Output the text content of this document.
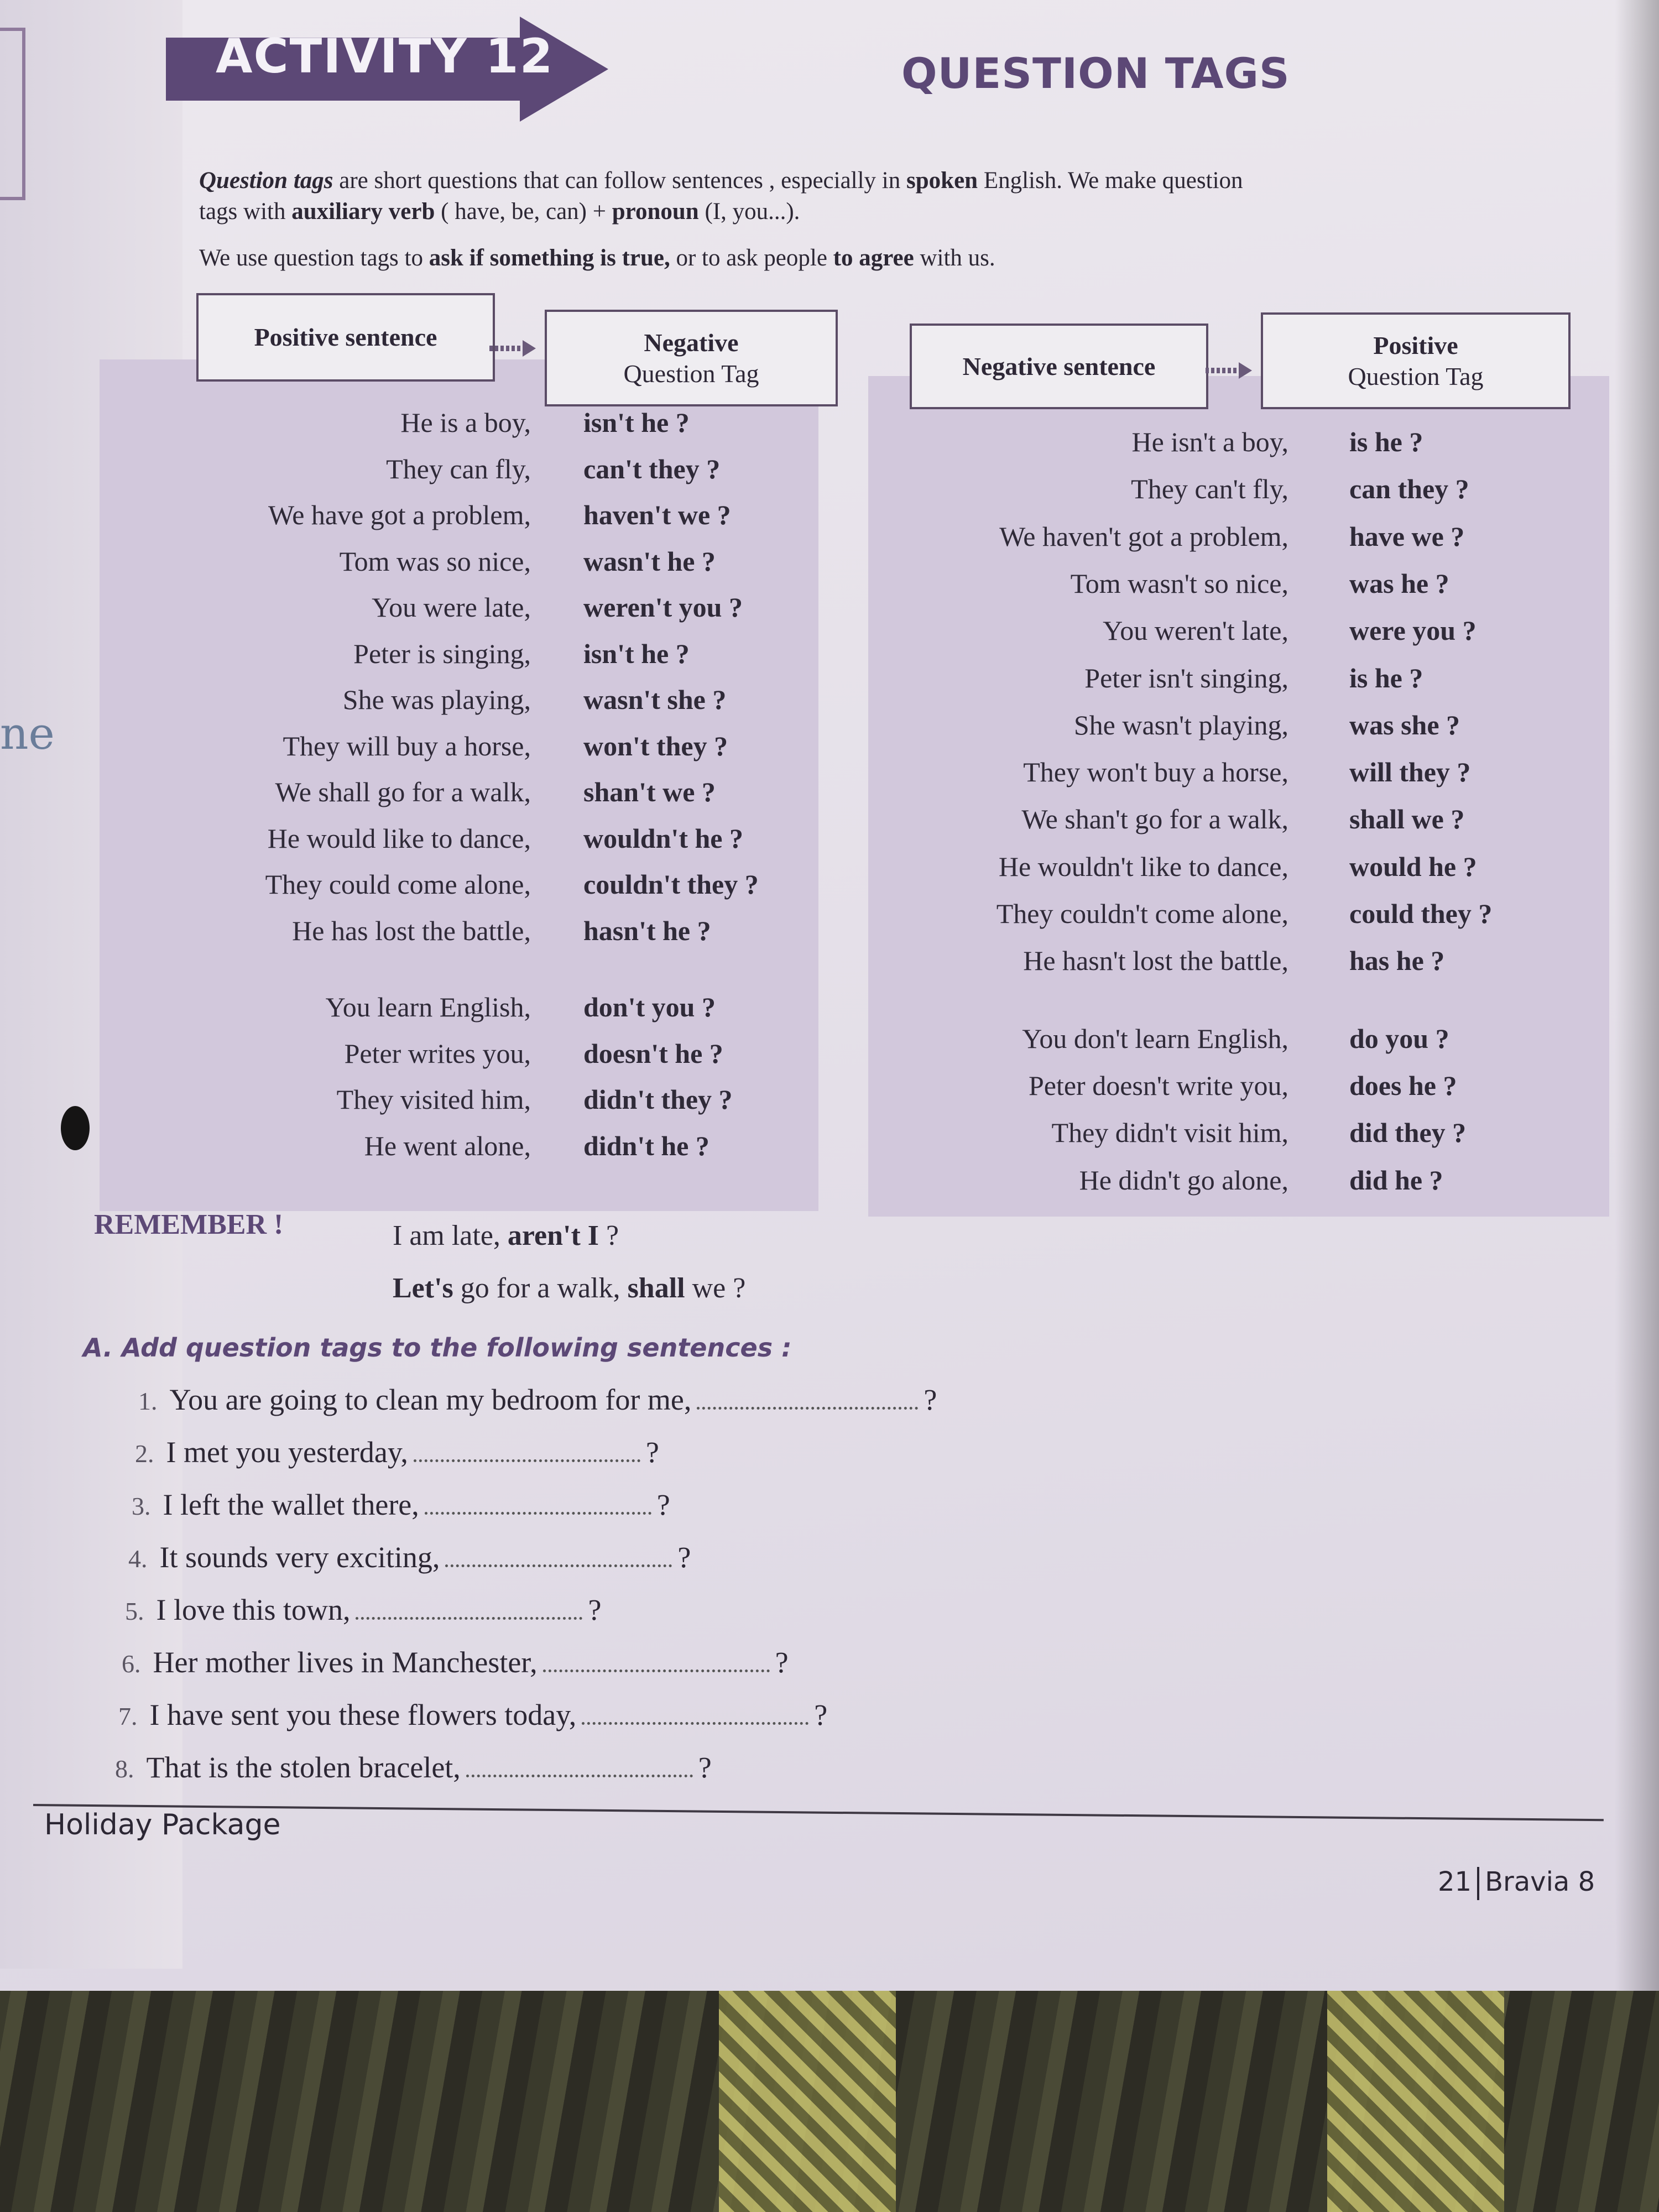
ne
ACTIVITY 12	QUESTION TAGS
Question tags are short questions that can follow sentences , especially in spoken English. We make question
tags with auxiliary verb ( have, be, can) + pronoun (I, you...).
We use question tags to ask if something is true, or to ask people to agree with us.
Positive sentence	Negative
Question Tag
He is a boy, isn't he ?
They can fly, can't they ?
We have got a problem, haven't we ?
Tom was so nice, wasn't he ?
You were late, weren't you ?
Peter is singing, isn't he ?
She was playing, wasn't she ?
They will buy a horse, won't they ?
We shall go for a walk, shan't we ?
He would like to dance, wouldn't he ?
They could come alone, couldn't they ?
He has lost the battle, hasn't he ?
You learn English, don't you ?
Peter writes you, doesn't he ?
They visited him, didn't they ?
He went alone, didn't he ?
Negative sentence
Positive
Question Tag
He isn't a boy, is he ?
They can't fly, can they ?
We haven't got a problem, have we ?
Tom wasn't so nice, was he ?
You weren't late, were you ?
Peter isn't singing, is he ?
She wasn't playing, was she ?
They won't buy a horse, will they ?
We shan't go for a walk, shall we ?
He wouldn't like to dance, would he ?
They couldn't come alone, could they ?
He hasn't lost the battle, has he ?
You don't learn English, do you ?
Peter doesn't write you, does he ?
They didn't visit him, did they ?
He didn't go alone, did he ?
REMEMBER !	I am late, aren't I ?
Let's go for a walk, shall we ?
A. Add question tags to the following sentences :
1. You are going to clean my bedroom for me,	?
2. I met you yesterday,	?
3. I left the wallet there,	?
4. It sounds very exciting,	?
5. I love this town,	?
6. Her mother lives in Manchester,	?
7. I have sent you these flowers today,	?
8. That is the stolen bracelet,	?
Holiday Package
21 Bravia 8
